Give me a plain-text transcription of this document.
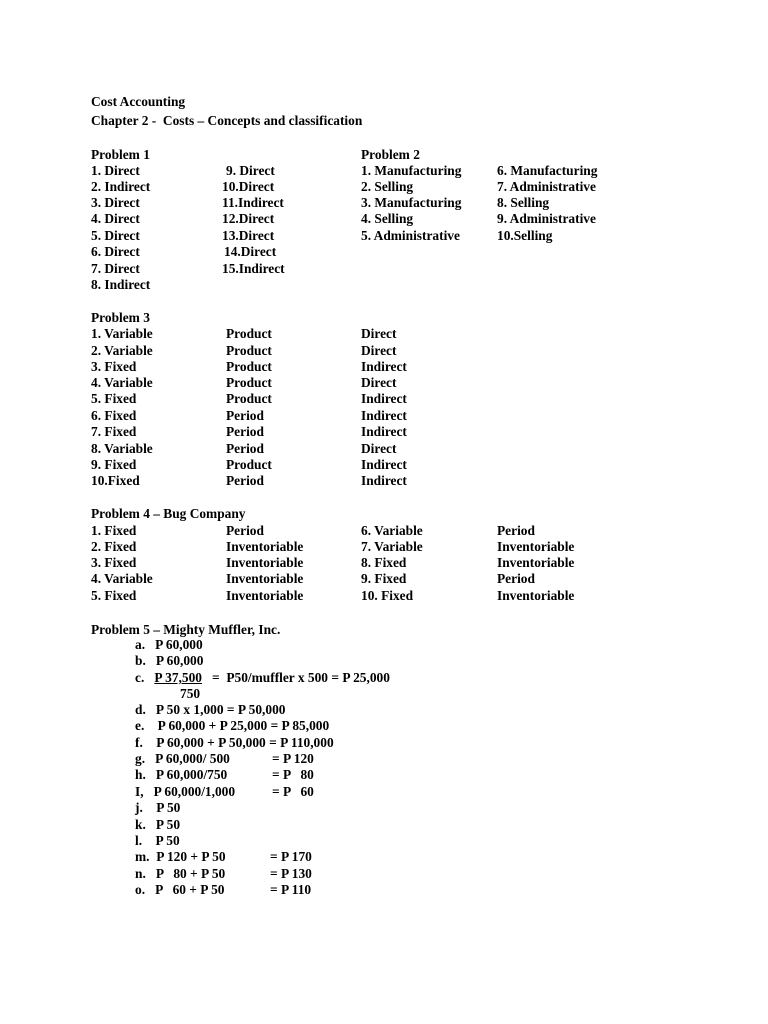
Cost Accounting
Chapter 2 -  Costs – Concepts and classification
Problem 1
1. Direct
2. Indirect
3. Direct
4. Direct
5. Direct
6. Direct
7. Direct
8. Indirect
9. Direct
10.Direct
11.Indirect
12.Direct
13.Direct
14.Direct
15.Indirect
Problem 2
1. Manufacturing
2. Selling
3. Manufacturing
4. Selling
5. Administrative
6. Manufacturing
7. Administrative
8. Selling
9. Administrative
10.Selling
Problem 3
1. Variable	Product	Direct
2. Variable	Product	Direct
3. Fixed	Product	Indirect
4. Variable	Product	Direct
5. Fixed	Product	Indirect
6. Fixed	Period	Indirect
7. Fixed	Period	Indirect
8. Variable	Period	Direct
9. Fixed	Product	Indirect
10.Fixed	Period	Indirect
Problem 4 – Bug Company
1. Fixed	Period	6. Variable	Period
2. Fixed	Inventoriable	7. Variable	Inventoriable
3. Fixed	Inventoriable	8. Fixed	Inventoriable
4. Variable	Inventoriable	9. Fixed	Period
5. Fixed	Inventoriable	10. Fixed	Inventoriable
Problem 5 – Mighty Muffler, Inc.
a.   P 60,000
b.   P 60,000
c.   P 37,500   =  P50/muffler x 500 = P 25,000
750
d.   P 50 x 1,000 = P 50,000
e.    P 60,000 + P 25,000 = P 85,000
f.    P 60,000 + P 50,000 = P 110,000
g.   P 60,000/ 500	= P 120
h.   P 60,000/750	= P   80
I,   P 60,000/1,000	= P   60
j.    P 50
k.   P 50
l.    P 50
m.  P 120 + P 50	= P 170
n.   P   80 + P 50	= P 130
o.   P   60 + P 50	= P 110
